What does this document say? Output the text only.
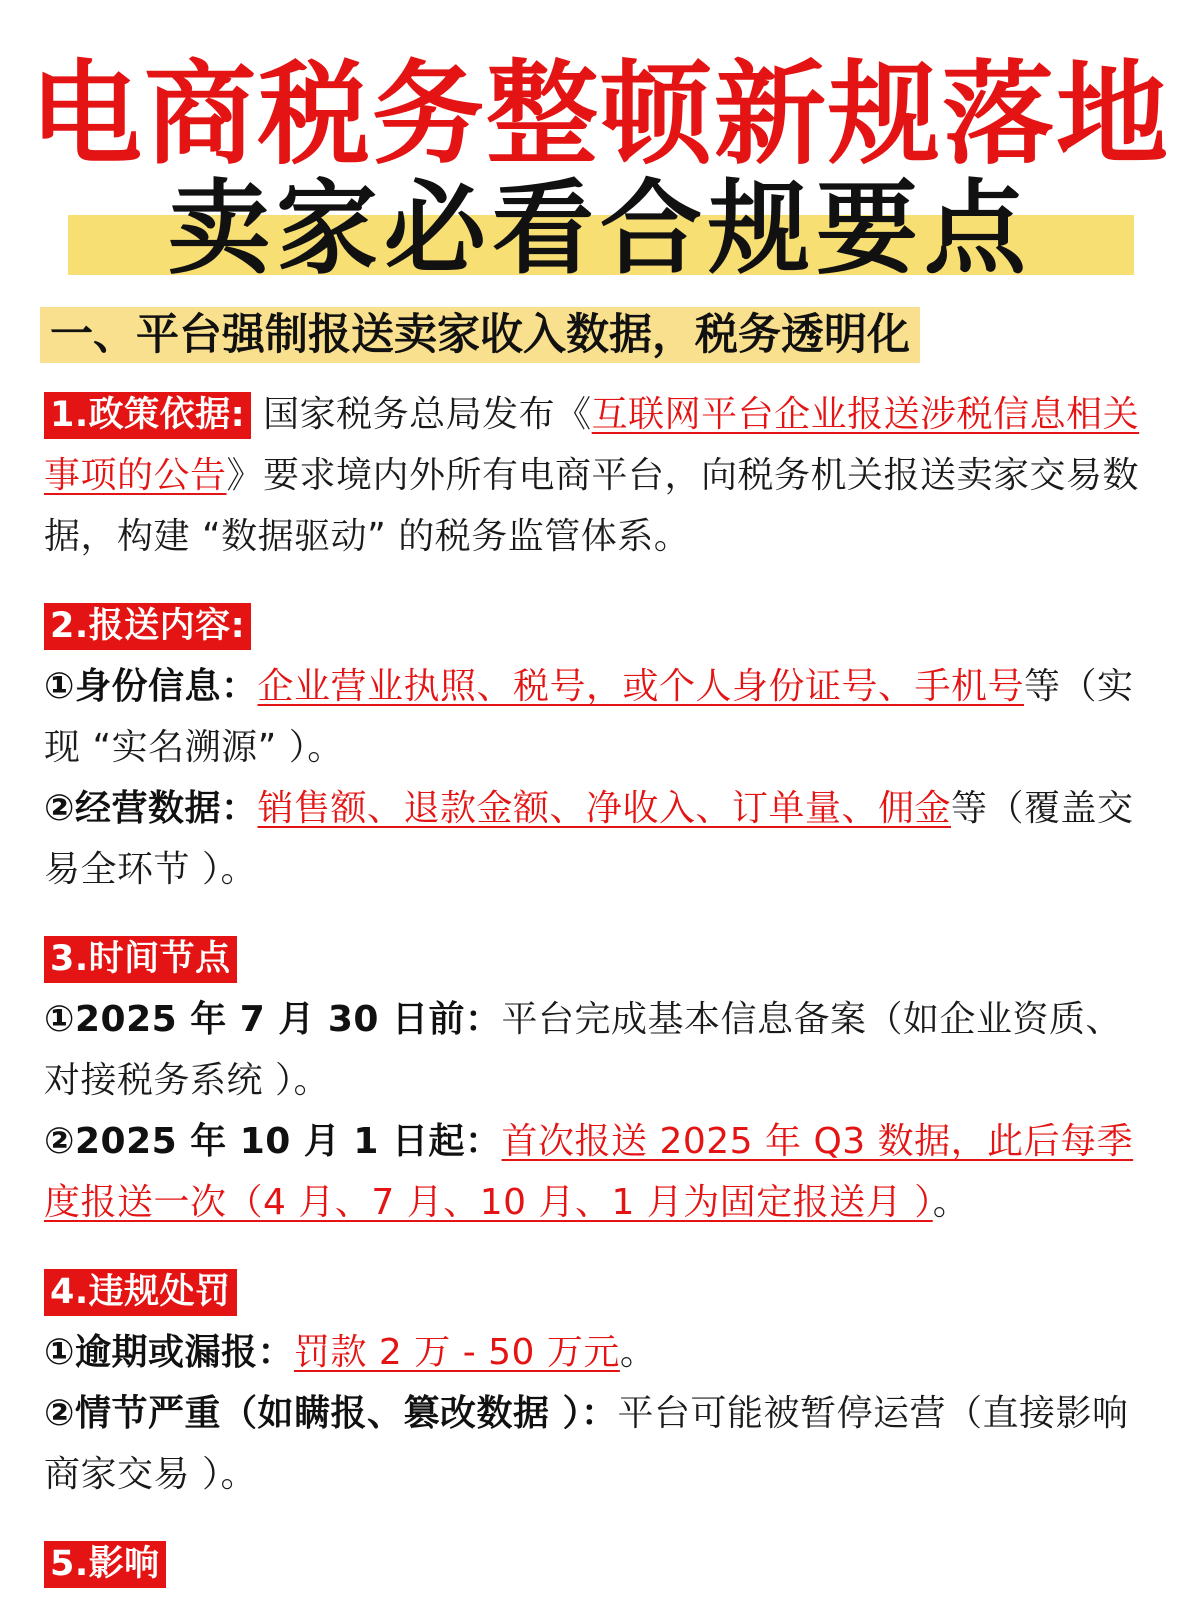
电商税务整顿新规落地
卖家必看合规要点
一、平台强制报送卖家收入数据，税务透明化

1.政策依据: 国家税务总局发布《互联网平台企业报送涉税信息相关事项的公告》要求境内外所有电商平台，向税务机关报送卖家交易数据，构建 “数据驱动” 的税务监管体系。

2.报送内容:

①身份信息：企业营业执照、税号，或个人身份证号、手机号等（实现 “实名溯源” ）。

②经营数据：销售额、退款金额、净收入、订单量、佣金等（覆盖交易全环节 ）。

3.时间节点

①2025 年 7 月 30 日前：平台完成基本信息备案（如企业资质、对接税务系统 ）。

②2025 年 10 月 1 日起：首次报送 2025 年 Q3 数据，此后每季度报送一次（4 月、7 月、10 月、1 月为固定报送月 ）。

4.违规处罚

①逾期或漏报：罚款 2 万 - 50 万元。

②情节严重（如瞒报、篡改数据 ）：平台可能被暂停运营（直接影响商家交易 ）。

5.影响
